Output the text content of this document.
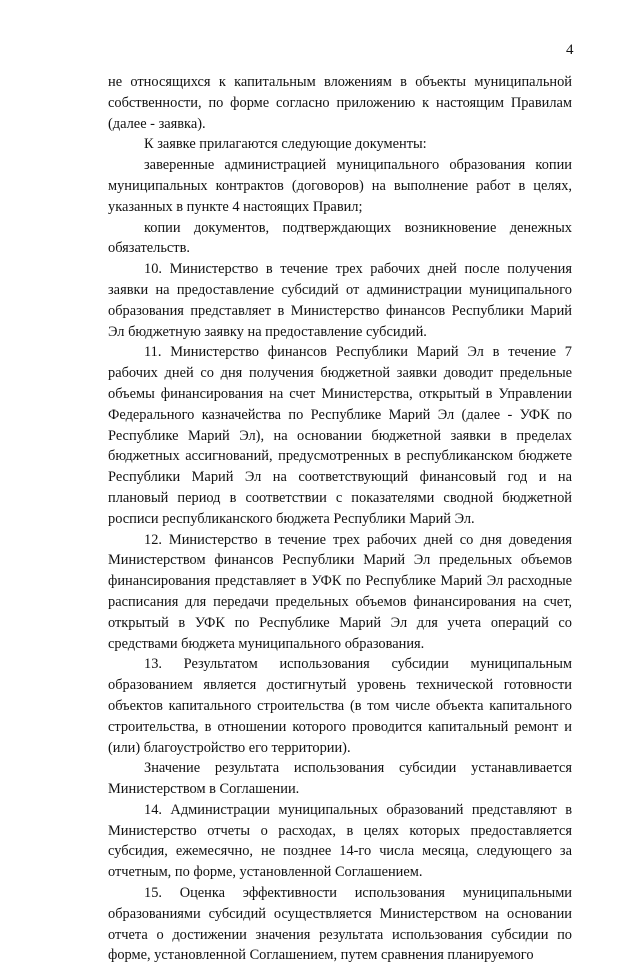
4

не относящихся к капитальным вложениям в объекты муниципальной собственности, по форме согласно приложению к настоящим Правилам (далее - заявка).

К заявке прилагаются следующие документы:

заверенные администрацией муниципального образования копии муниципальных контрактов (договоров) на выполнение работ в целях, указанных в пункте 4 настоящих Правил;

копии документов, подтверждающих возникновение денежных обязательств.

10. Министерство в течение трех рабочих дней после получения заявки на предоставление субсидий от администрации муниципального образования представляет в Министерство финансов Республики Марий Эл бюджетную заявку на предоставление субсидий.

11. Министерство финансов Республики Марий Эл в течение 7 рабочих дней со дня получения бюджетной заявки доводит предельные объемы финансирования на счет Министерства, открытый в Управлении Федерального казначейства по Республике Марий Эл (далее - УФК по Республике Марий Эл), на основании бюджетной заявки в пределах бюджетных ассигнований, предусмотренных в республиканском бюджете Республики Марий Эл на соответствующий финансовый год и на плановый период в соответствии с показателями сводной бюджетной росписи республиканского бюджета Республики Марий Эл.

12. Министерство в течение трех рабочих дней со дня доведения Министерством финансов Республики Марий Эл предельных объемов финансирования представляет в УФК по Республике Марий Эл расходные расписания для передачи предельных объемов финансирования на счет, открытый в УФК по Республике Марий Эл для учета операций со средствами бюджета муниципального образования.

13. Результатом использования субсидии муниципальным образованием является достигнутый уровень технической готовности объектов капитального строительства (в том числе объекта капитального строительства, в отношении которого проводится капитальный ремонт и (или) благоустройство его территории).

Значение результата использования субсидии устанавливается Министерством в Соглашении.

14. Администрации муниципальных образований представляют в Министерство отчеты о расходах, в целях которых предоставляется субсидия, ежемесячно, не позднее 14-го числа месяца, следующего за отчетным, по форме, установленной Соглашением.

15. Оценка эффективности использования муниципальными образованиями субсидий осуществляется Министерством на основании отчета о достижении значения результата использования субсидии по форме, установленной Соглашением, путем сравнения планируемого
